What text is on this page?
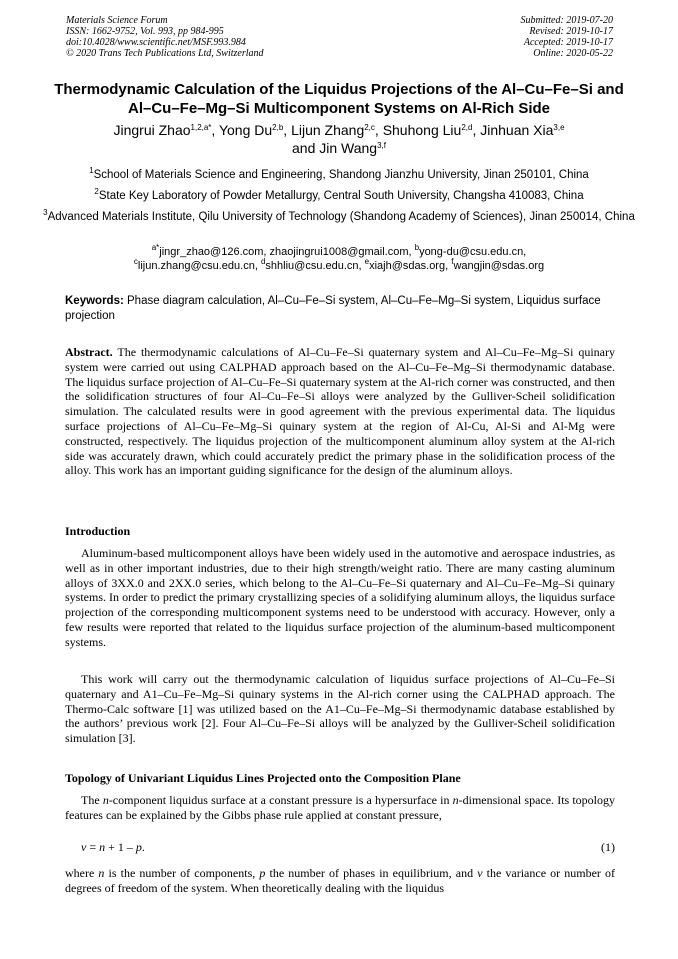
Materials Science Forum
ISSN: 1662-9752, Vol. 993, pp 984-995
doi:10.4028/www.scientific.net/MSF.993.984
© 2020 Trans Tech Publications Ltd, Switzerland
Submitted: 2019-07-20
Revised: 2019-10-17
Accepted: 2019-10-17
Online: 2020-05-22
Thermodynamic Calculation of the Liquidus Projections of the Al–Cu–Fe–Si and Al–Cu–Fe–Mg–Si Multicomponent Systems on Al-Rich Side
Jingrui Zhao$^{1,2,a*}$, Yong Du$^{2,b}$, Lijun Zhang$^{2,c}$, Shuhong Liu$^{2,d}$, Jinhuan Xia$^{3,e}$
and Jin Wang$^{3,f}$
$^1$School of Materials Science and Engineering, Shandong Jianzhu University, Jinan 250101, China
$^2$State Key Laboratory of Powder Metallurgy, Central South University, Changsha 410083, China
$^3$Advanced Materials Institute, Qilu University of Technology (Shandong Academy of Sciences), Jinan 250014, China
$^{a*}$jingr_zhao@126.com, zhaojingrui1008@gmail.com, $^b$yong-du@csu.edu.cn,
$^c$lijun.zhang@csu.edu.cn, $^d$shhliu@csu.edu.cn, $^e$xiajh@sdas.org, $^f$wangjin@sdas.org
Keywords: Phase diagram calculation, Al–Cu–Fe–Si system, Al–Cu–Fe–Mg–Si system, Liquidus surface projection
Abstract. The thermodynamic calculations of Al–Cu–Fe–Si quaternary system and Al–Cu–Fe–Mg–Si quinary system were carried out using CALPHAD approach based on the Al–Cu–Fe–Mg–Si thermodynamic database. The liquidus surface projection of Al–Cu–Fe–Si quaternary system at the Al-rich corner was constructed, and then the solidification structures of four Al–Cu–Fe–Si alloys were analyzed by the Gulliver-Scheil solidification simulation. The calculated results were in good agreement with the previous experimental data. The liquidus surface projections of Al–Cu–Fe–Mg–Si quinary system at the region of Al-Cu, Al-Si and Al-Mg were constructed, respectively. The liquidus projection of the multicomponent aluminum alloy system at the Al-rich side was accurately drawn, which could accurately predict the primary phase in the solidification process of the alloy. This work has an important guiding significance for the design of the aluminum alloys.
Introduction
Aluminum-based multicomponent alloys have been widely used in the automotive and aerospace industries, as well as in other important industries, due to their high strength/weight ratio. There are many casting aluminum alloys of 3XX.0 and 2XX.0 series, which belong to the Al–Cu–Fe–Si quaternary and Al–Cu–Fe–Mg–Si quinary systems. In order to predict the primary crystallizing species of a solidifying aluminum alloys, the liquidus surface projection of the corresponding multicomponent systems need to be understood with accuracy. However, only a few results were reported that related to the liquidus surface projection of the aluminum-based multicomponent systems.
This work will carry out the thermodynamic calculation of liquidus surface projections of Al–Cu–Fe–Si quaternary and A1–Cu–Fe–Mg–Si quinary systems in the Al-rich corner using the CALPHAD approach. The Thermo-Calc software [1] was utilized based on the A1–Cu–Fe–Mg–Si thermodynamic database established by the authors’ previous work [2]. Four Al–Cu–Fe–Si alloys will be analyzed by the Gulliver-Scheil solidification simulation [3].
Topology of Univariant Liquidus Lines Projected onto the Composition Plane
The n-component liquidus surface at a constant pressure is a hypersurface in n-dimensional space. Its topology features can be explained by the Gibbs phase rule applied at constant pressure,
v = n + 1 – p.	(1)
where n is the number of components, p the number of phases in equilibrium, and v the variance or number of degrees of freedom of the system. When theoretically dealing with the liquidus
